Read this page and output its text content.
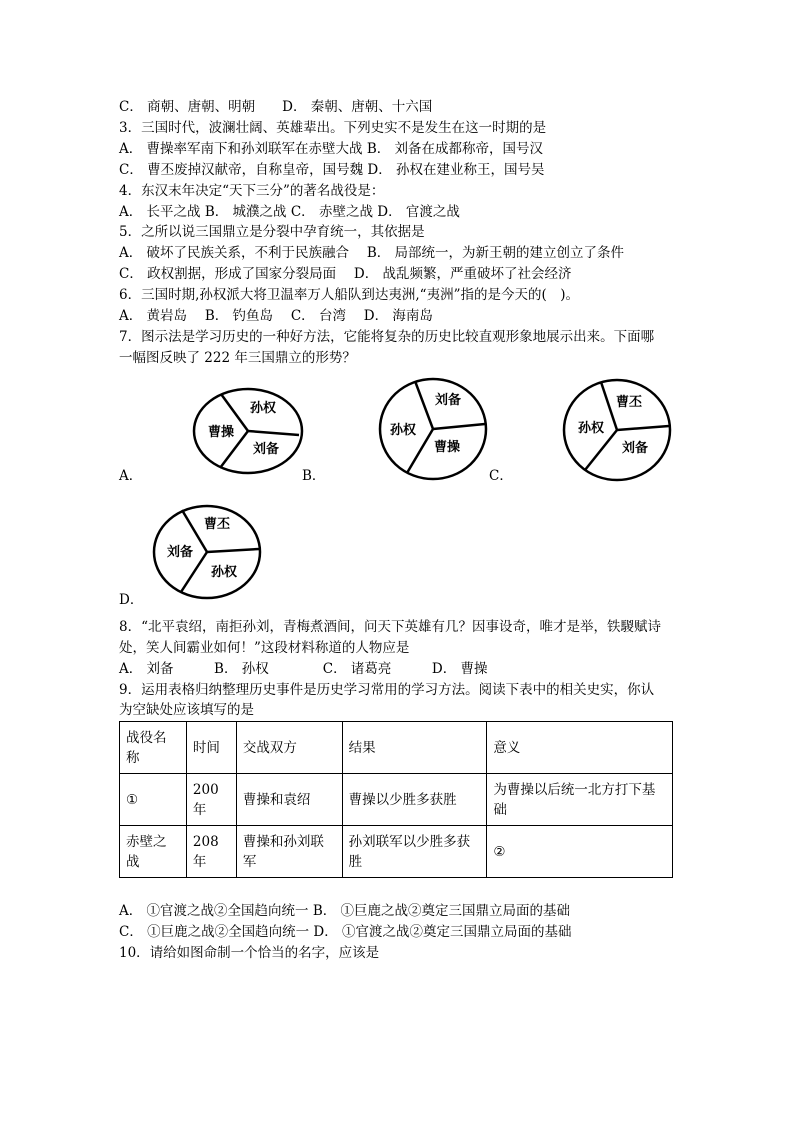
C． 商朝、唐朝、明朝　　D． 秦朝、唐朝、十六国
3．三国时代，波澜壮阔、英雄辈出。下列史实不是发生在这一时期的是
A． 曹操率军南下和孙刘联军在赤壁大战 B． 刘备在成都称帝，国号汉
C． 曹丕废掉汉献帝，自称皇帝，国号魏 D． 孙权在建业称王，国号吴
4．东汉末年决定“天下三分”的著名战役是：
A． 长平之战 B． 城濮之战 C． 赤壁之战 D． 官渡之战
5．之所以说三国鼎立是分裂中孕育统一，其依据是
A． 破坏了民族关系，不利于民族融合　 B． 局部统一，为新王朝的建立创立了条件
C． 政权割据，形成了国家分裂局面　 D． 战乱频繁，严重破坏了社会经济
6．三国时期,孙权派大将卫温率万人船队到达夷洲,“夷洲”指的是今天的(　)。
A． 黄岩岛　 B． 钓鱼岛　 C． 台湾　 D． 海南岛
7．图示法是学习历史的一种好方法，它能将复杂的历史比较直观形象地展示出来。下面哪
一幅图反映了 222 年三国鼎立的形势？
A．
孙权
曹操
刘备
B．
刘备
孙权
曹操
C．
曹丕
孙权
刘备
D．
曹丕
刘备
孙权
8．“北平袁绍，南拒孙刘，青梅煮酒间，问天下英雄有几？因事设奇，唯才是举，铁騣赋诗
处，笑人间霸业如何！”这段材料称道的人物应是
A． 刘备　　　B． 孙权　　　　C． 诸葛亮　　　D． 曹操
9．运用表格归纳整理历史事件是历史学习常用的学习方法。阅读下表中的相关史实，你认
为空缺处应该填写的是
战役名称	时间	交战双方	结果	意义
①	200年	曹操和袁绍	曹操以少胜多获胜	为曹操以后统一北方打下基础
赤壁之战	208年	曹操和孙刘联军	孙刘联军以少胜多获胜	②
A． ①官渡之战②全国趋向统一 B． ①巨鹿之战②奠定三国鼎立局面的基础
C． ①巨鹿之战②全国趋向统一 D． ①官渡之战②奠定三国鼎立局面的基础
10．请给如图命制一个恰当的名字，应该是
